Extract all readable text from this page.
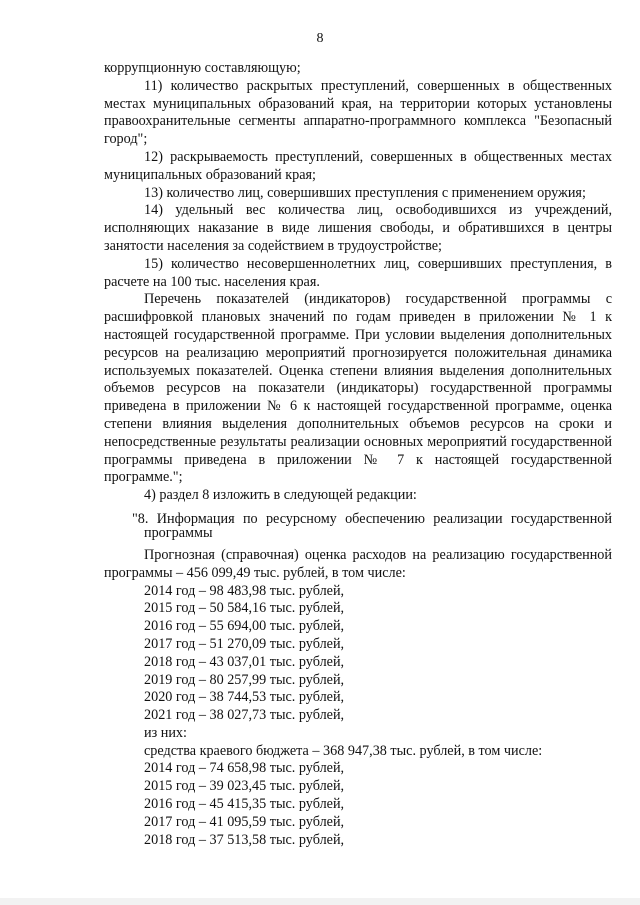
8

коррупционную составляющую;

11) количество раскрытых преступлений, совершенных в общественных местах муниципальных образований края, на территории которых установлены правоохранительные сегменты аппаратно-программного комплекса "Безопасный город";

12) раскрываемость преступлений, совершенных в общественных местах муниципальных образований края;

13) количество лиц, совершивших преступления с применением оружия;

14) удельный вес количества лиц, освободившихся из учреждений, исполняющих наказание в виде лишения свободы, и обратившихся в центры занятости населения за содействием в трудоустройстве;

15) количество несовершеннолетних лиц, совершивших преступления, в расчете на 100 тыс. населения края.

Перечень показателей (индикаторов) государственной программы с расшифровкой плановых значений по годам приведен в приложении № 1 к настоящей государственной программе. При условии выделения дополнительных ресурсов на реализацию мероприятий прогнозируется положительная динамика используемых показателей. Оценка степени влияния выделения дополнительных объемов ресурсов на показатели (индикаторы) государственной программы приведена в приложении № 6 к настоящей государственной программе, оценка степени влияния выделения дополнительных объемов ресурсов на сроки и непосредственные результаты реализации основных мероприятий государственной программы приведена в приложении № 7 к настоящей государственной программе.";

4) раздел 8 изложить в следующей редакции:

"8. Информация по ресурсному обеспечению реализации государственной программы

Прогнозная (справочная) оценка расходов на реализацию государственной программы – 456 099,49 тыс. рублей, в том числе:

2014 год – 98 483,98 тыс. рублей,

2015 год – 50 584,16 тыс. рублей,

2016 год – 55 694,00 тыс. рублей,

2017 год – 51 270,09 тыс. рублей,

2018 год – 43 037,01 тыс. рублей,

2019 год – 80 257,99 тыс. рублей,

2020 год – 38 744,53 тыс. рублей,

2021 год – 38 027,73 тыс. рублей,

из них:

средства краевого бюджета – 368 947,38 тыс. рублей, в том числе:

2014 год – 74 658,98 тыс. рублей,

2015 год – 39 023,45 тыс. рублей,

2016 год – 45 415,35 тыс. рублей,

2017 год – 41 095,59 тыс. рублей,

2018 год – 37 513,58 тыс. рублей,
